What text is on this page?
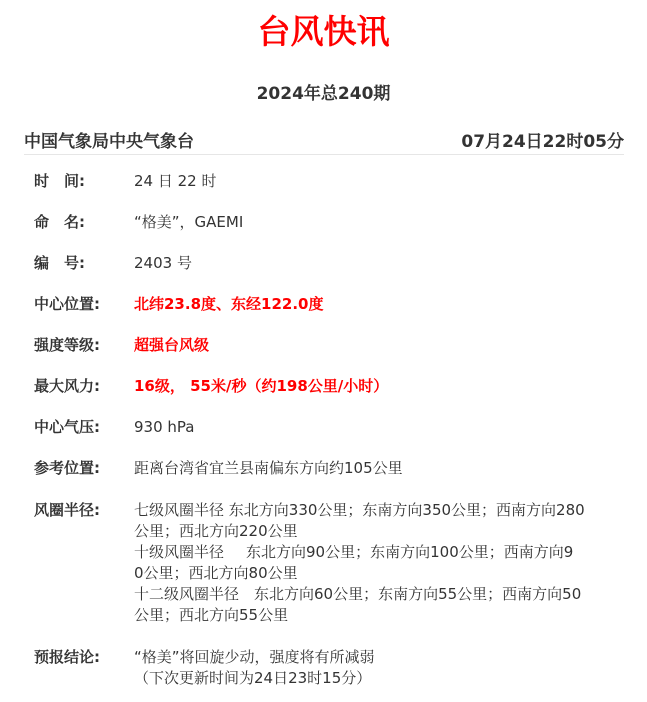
台风快讯
2024年总240期
中国气象局中央气象台	07月24日22时05分
时　间:	24 日 22 时
命　名:	“格美”，GAEMI
编　号:	2403 号
中心位置:	北纬23.8度、东经122.0度
强度等级:	超强台风级
最大风力:	16级， 55米/秒（约198公里/小时）
中心气压:	930 hPa
参考位置:	距离台湾省宜兰县南偏东方向约105公里
风圈半径:	七级风圈半径 东北方向330公里；东南方向350公里；西南方向280
公里；西北方向220公里
十级风圈半径 东北方向90公里；东南方向100公里；西南方向9
0公里；西北方向80公里
十二级风圈半径　东北方向60公里；东南方向55公里；西南方向50
公里；西北方向55公里
预报结论:	“格美”将回旋少动，强度将有所减弱
（下次更新时间为24日23时15分）
